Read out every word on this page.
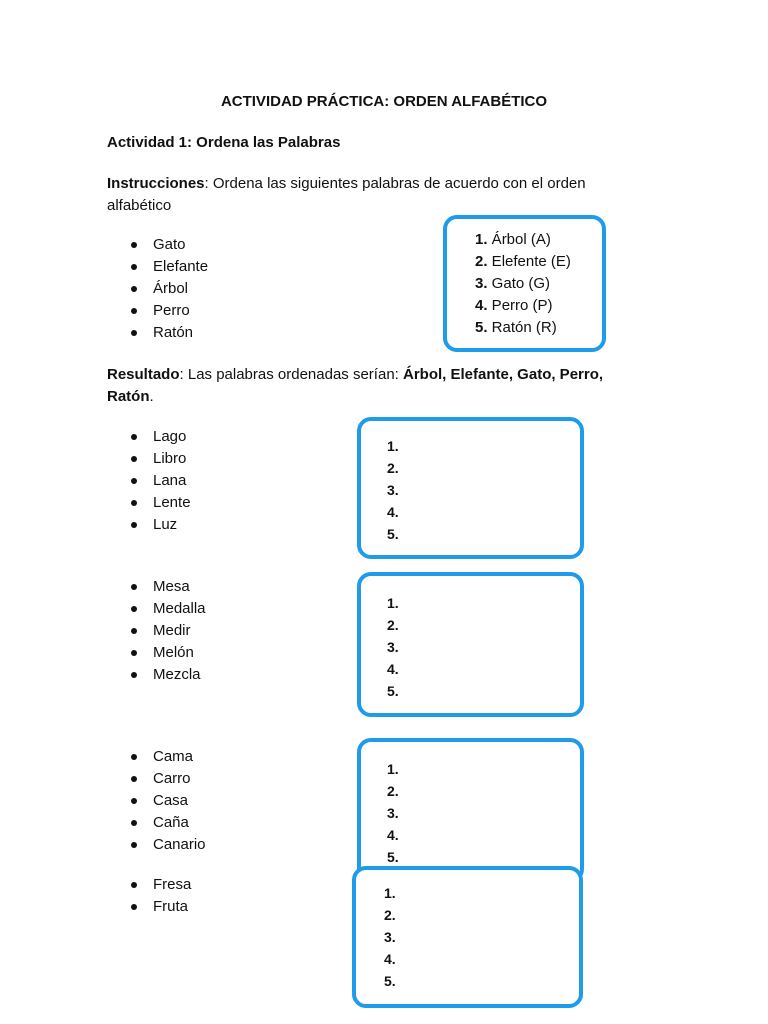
ACTIVIDAD PRÁCTICA: ORDEN ALFABÉTICO
Actividad 1: Ordena las Palabras
Instrucciones: Ordena las siguientes palabras de acuerdo con el orden alfabético
Gato
Elefante
Árbol
Perro
Ratón
1. Árbol (A)
2. Elefente (E)
3. Gato (G)
4. Perro (P)
5. Ratón (R)
Resultado: Las palabras ordenadas serían: Árbol, Elefante, Gato, Perro, Ratón.
Lago
Libro
Lana
Lente
Luz
1.
2.
3.
4.
5.
Mesa
Medalla
Medir
Melón
Mezcla
1.
2.
3.
4.
5.
Cama
Carro
Casa
Caña
Canario
1.
2.
3.
4.
5.
Fresa
Fruta
1.
2.
3.
4.
5.
